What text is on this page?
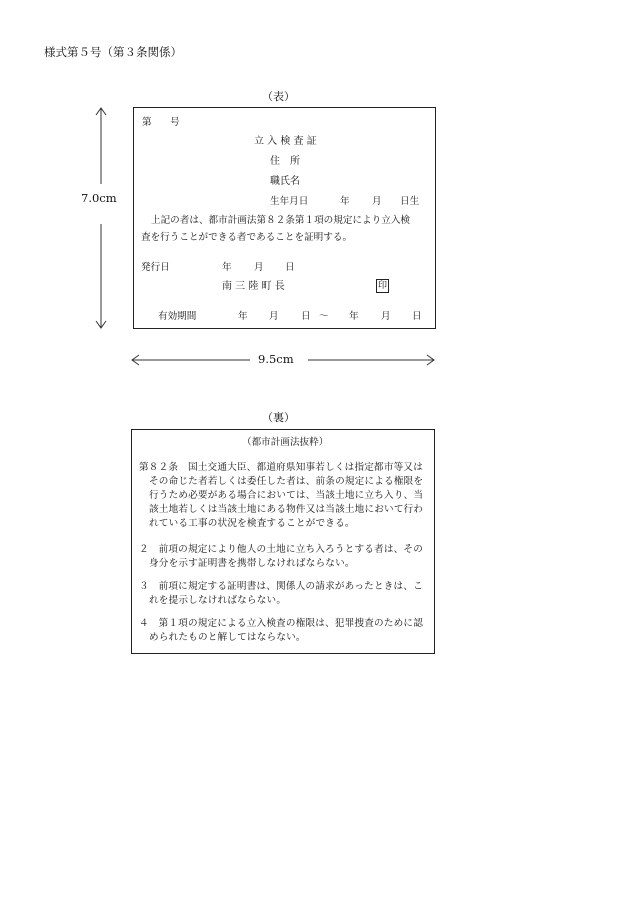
様式第５号（第３条関係）
（表）
7.0cm
第 号
立 入 検 査 証
住　所
職氏名
生年月日	年 月 日生
上記の者は、都市計画法第８２条第１項の規定により立入検
査を行うことができる者であることを証明する。
発行日	年 月 日
南 三 陸 町 長	印
有効期間	年 月 日 ～ 年 月 日
9.5cm
（裏）
（都市計画法抜粋）
第８２条　国土交通大臣、都道府県知事若しくは指定都市等又はその命じた者若しくは委任した者は、前条の規定による権限を行うため必要がある場合においては、当該土地に立ち入り、当該土地若しくは当該土地にある物件又は当該土地において行われている工事の状況を検査することができる。
２　前項の規定により他人の土地に立ち入ろうとする者は、その身分を示す証明書を携帯しなければならない。
３　前項に規定する証明書は、関係人の請求があったときは、これを提示しなければならない。
４　第１項の規定による立入検査の権限は、犯罪捜査のために認められたものと解してはならない。
